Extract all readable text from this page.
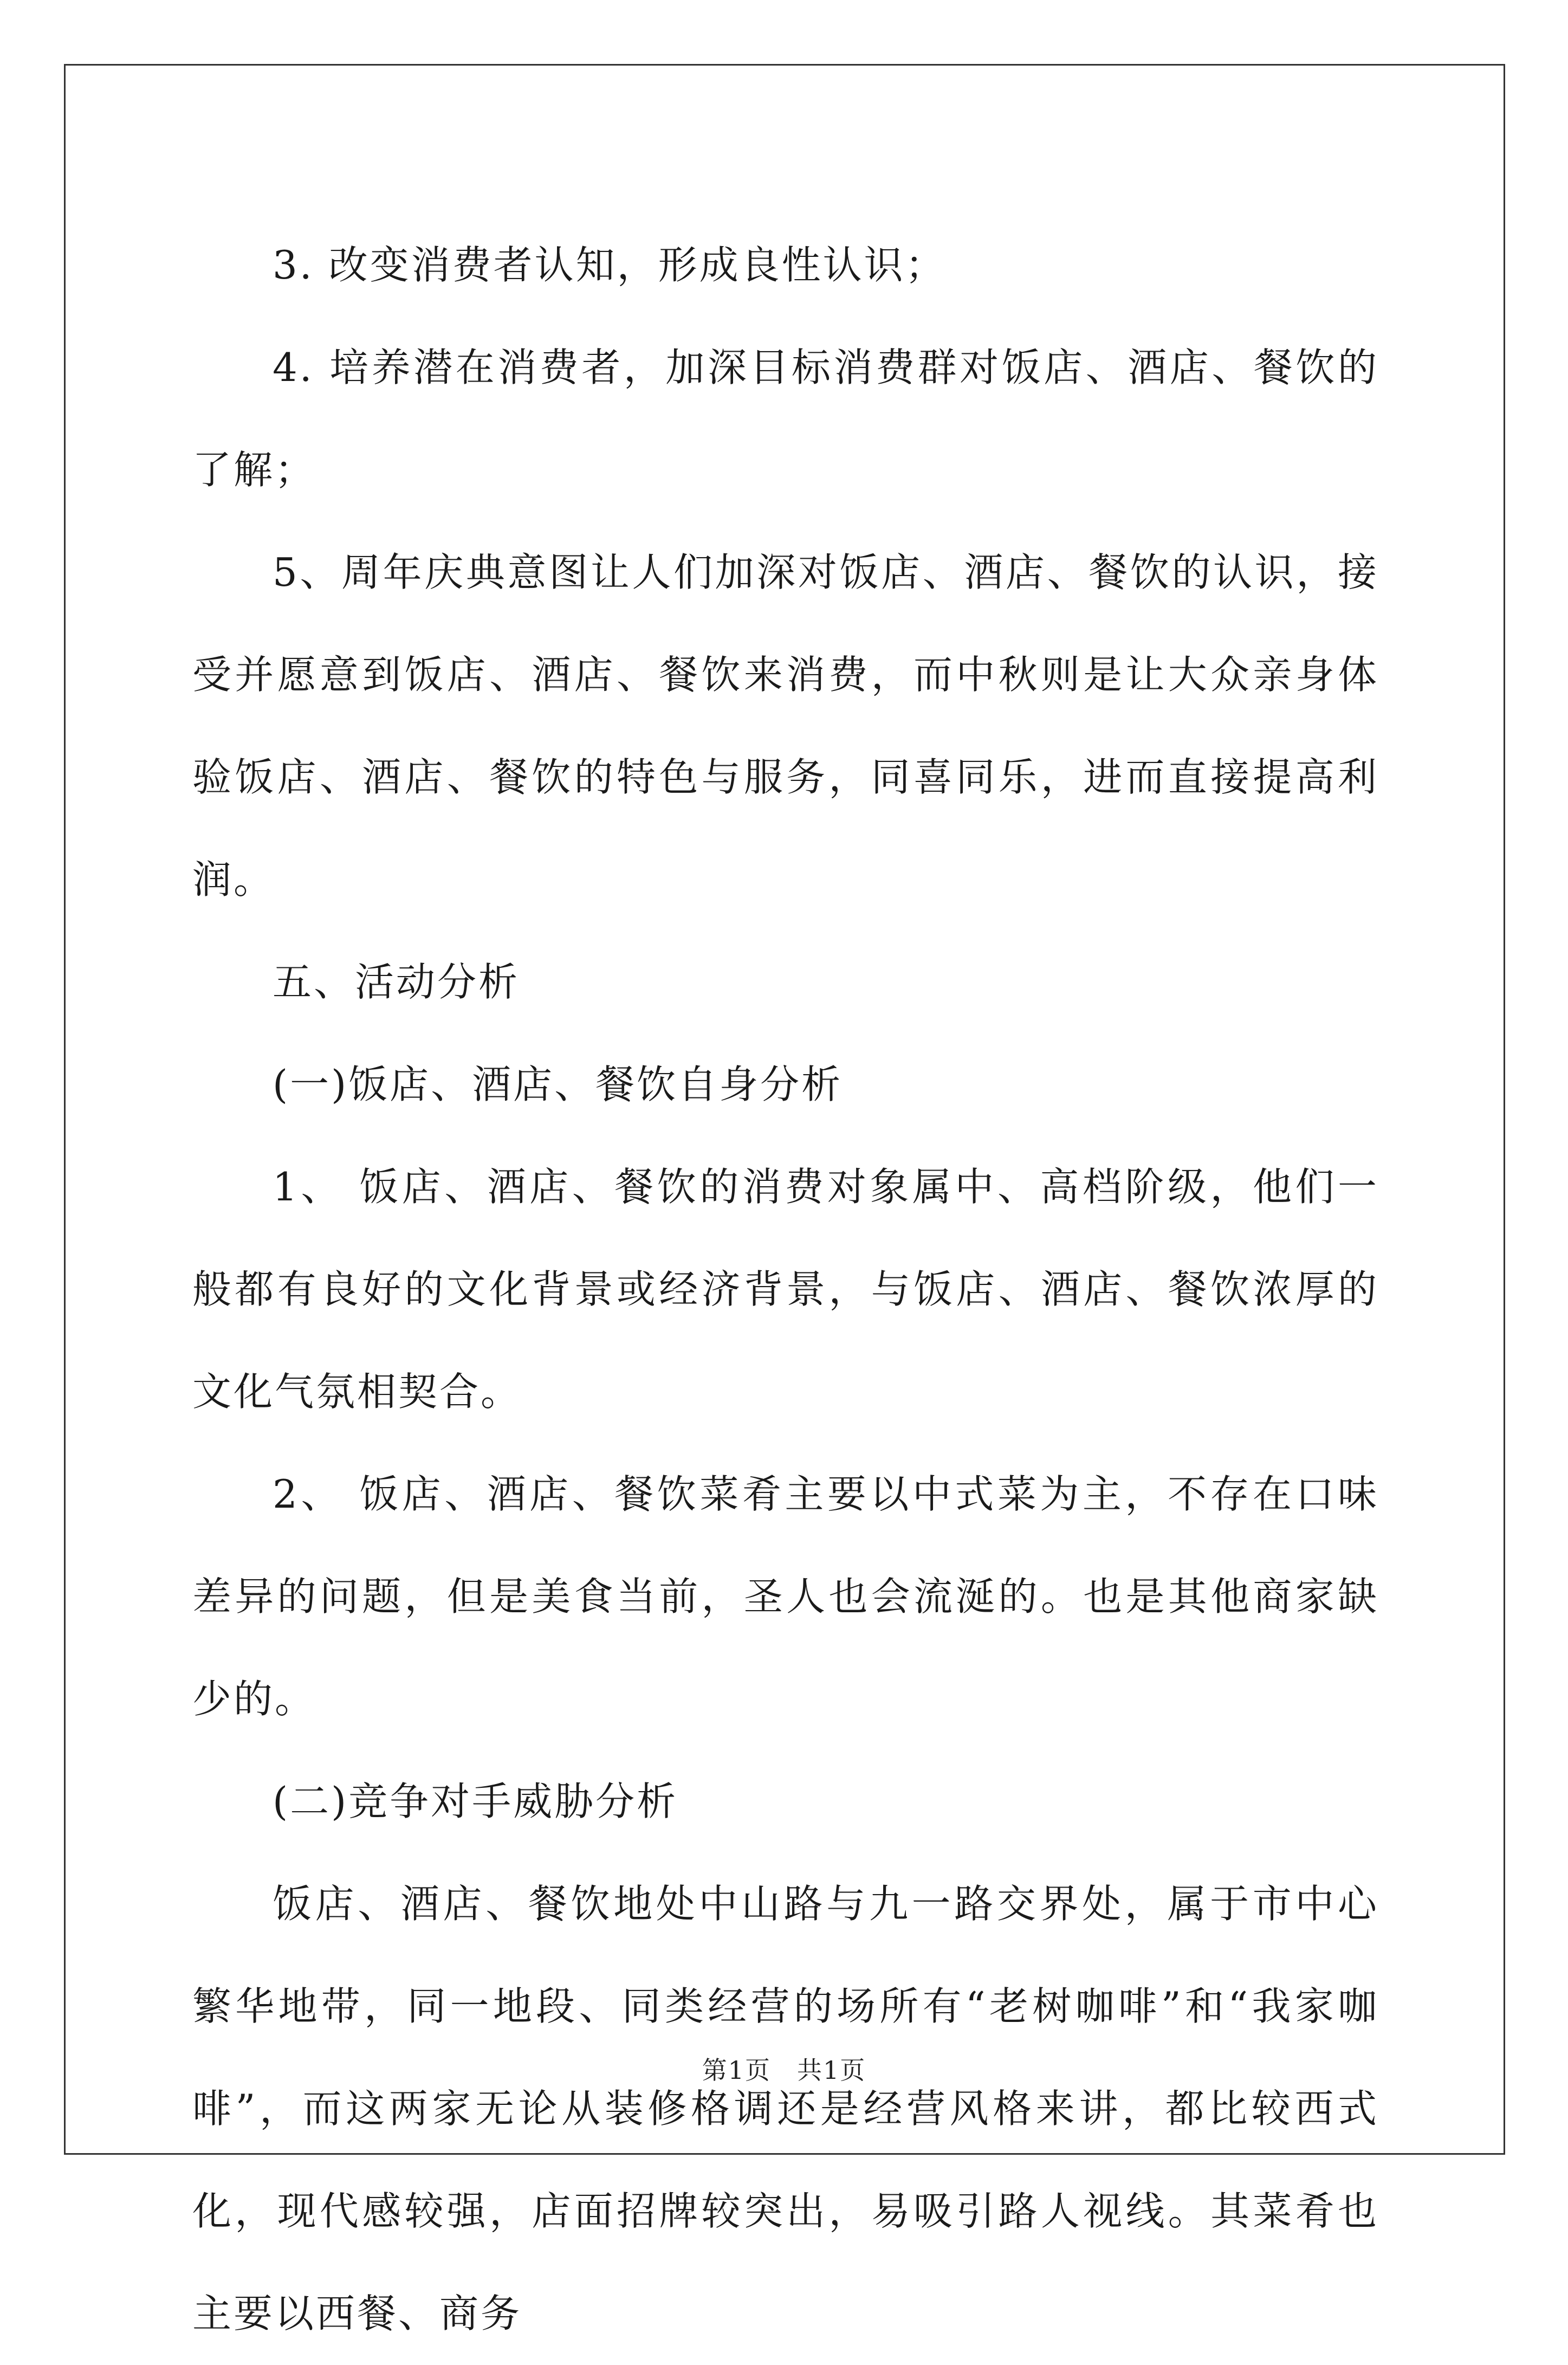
3. 改变消费者认知，形成良性认识；

4. 培养潜在消费者，加深目标消费群对饭店、酒店、餐饮的了解；

5、周年庆典意图让人们加深对饭店、酒店、餐饮的认识，接受并愿意到饭店、酒店、餐饮来消费，而中秋则是让大众亲身体验饭店、酒店、餐饮的特色与服务，同喜同乐，进而直接提高利润。

五、活动分析

(一)饭店、酒店、餐饮自身分析

1、 饭店、酒店、餐饮的消费对象属中、高档阶级，他们一般都有良好的文化背景或经济背景，与饭店、酒店、餐饮浓厚的文化气氛相契合。

2、 饭店、酒店、餐饮菜肴主要以中式菜为主，不存在口味差异的问题，但是美食当前，圣人也会流涎的。也是其他商家缺少的。

(二)竞争对手威胁分析

饭店、酒店、餐饮地处中山路与九一路交界处，属于市中心繁华地带，同一地段、同类经营的场所有“老树咖啡”和“我家咖啡”，而这两家无论从装修格调还是经营风格来讲，都比较西式化，现代感较强，店面招牌较突出，易吸引路人视线。其菜肴也主要以西餐、商务

第1页　共1页
